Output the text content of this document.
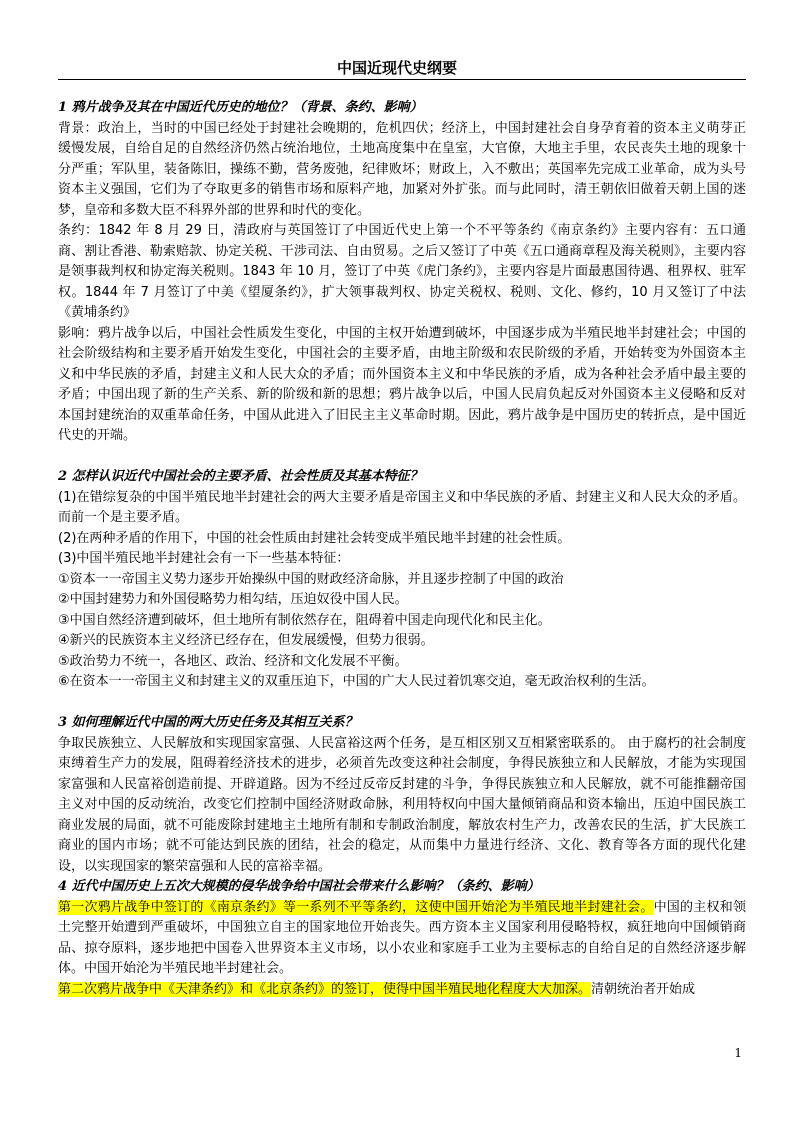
中国近现代史纲要

1 鸦片战争及其在中国近代历史的地位？（背景、条约、影响）

背景：政治上，当时的中国已经处于封建社会晚期的，危机四伏；经济上，中国封建社会自身孕育着的资本主义萌芽正缓慢发展，自给自足的自然经济仍然占统治地位，土地高度集中在皇室，大官僚，大地主手里，农民丧失土地的现象十分严重；军队里，装备陈旧，操练不勤，营务废弛，纪律败坏；财政上，入不敷出；英国率先完成工业革命，成为头号资本主义强国，它们为了夺取更多的销售市场和原料产地，加紧对外扩张。而与此同时，清王朝依旧做着天朝上国的迷梦，皇帝和多数大臣不科界外部的世界和时代的变化。

条约：1842 年 8 月 29 日，清政府与英国签订了中国近代史上第一个不平等条约《南京条约》主要内容有：五口通商、割让香港、勒索赔款、协定关税、干涉司法、自由贸易。之后又签订了中英《五口通商章程及海关税则》，主要内容是领事裁判权和协定海关税则。1843 年 10 月，签订了中英《虎门条约》，主要内容是片面最惠国待遇、租界权、驻军权。1844 年 7 月签订了中美《望厦条约》，扩大领事裁判权、协定关税权、税则、文化、修约，10 月又签订了中法《黄埔条约》

影响：鸦片战争以后，中国社会性质发生变化，中国的主权开始遭到破坏，中国逐步成为半殖民地半封建社会；中国的社会阶级结构和主要矛盾开始发生变化，中国社会的主要矛盾，由地主阶级和农民阶级的矛盾，开始转变为外国资本主义和中华民族的矛盾，封建主义和人民大众的矛盾；而外国资本主义和中华民族的矛盾，成为各种社会矛盾中最主要的矛盾；中国出现了新的生产关系、新的阶级和新的思想；鸦片战争以后，中国人民肩负起反对外国资本主义侵略和反对本国封建统治的双重革命任务，中国从此进入了旧民主主义革命时期。因此，鸦片战争是中国历史的转折点，是中国近代史的开端。

2 怎样认识近代中国社会的主要矛盾、社会性质及其基本特征？

(1)在错综复杂的中国半殖民地半封建社会的两大主要矛盾是帝国主义和中华民族的矛盾、封建主义和人民大众的矛盾。而前一个是主要矛盾。

(2)在两种矛盾的作用下，中国的社会性质由封建社会转变成半殖民地半封建的社会性质。

(3)中国半殖民地半封建社会有一下一些基本特征：

①资本一一帝国主义势力逐步开始操纵中国的财政经济命脉，并且逐步控制了中国的政治

②中国封建势力和外国侵略势力相勾结，压迫奴役中国人民。

③中国自然经济遭到破坏，但土地所有制依然存在，阻碍着中国走向现代化和民主化。

④新兴的民族资本主义经济已经存在，但发展缓慢，但势力很弱。

⑤政治势力不统一，各地区、政治、经济和文化发展不平衡。

⑥在资本一一帝国主义和封建主义的双重压迫下，中国的广大人民过着饥寒交迫，毫无政治权利的生活。

3 如何理解近代中国的两大历史任务及其相互关系？

争取民族独立、人民解放和实现国家富强、人民富裕这两个任务，是互相区别又互相紧密联系的。 由于腐朽的社会制度束缚着生产力的发展，阻碍着经济技术的进步，必须首先改变这种社会制度，争得民族独立和人民解放，才能为实现国家富强和人民富裕创造前提、开辟道路。因为不经过反帝反封建的斗争，争得民族独立和人民解放，就不可能推翻帝国主义对中国的反动统治，改变它们控制中国经济财政命脉，利用特权向中国大量倾销商品和资本输出，压迫中国民族工商业发展的局面，就不可能废除封建地主土地所有制和专制政治制度，解放农村生产力，改善农民的生活，扩大民族工商业的国内市场；就不可能达到民族的团结，社会的稳定，从而集中力量进行经济、文化、教育等各方面的现代化建设，以实现国家的繁荣富强和人民的富裕幸福。

4 近代中国历史上五次大规模的侵华战争给中国社会带来什么影响？（条约、影响）

第一次鸦片战争中签订的《南京条约》等一系列不平等条约，这使中国开始沦为半殖民地半封建社会。中国的主权和领土完整开始遭到严重破坏，中国独立自主的国家地位开始丧失。西方资本主义国家利用侵略特权，疯狂地向中国倾销商品、掠夺原料，逐步地把中国卷入世界资本主义市场，以小农业和家庭手工业为主要标志的自给自足的自然经济逐步解体。中国开始沦为半殖民地半封建社会。

第二次鸦片战争中《天津条约》和《北京条约》的签订，使得中国半殖民地化程度大大加深。清朝统治者开始成

1
